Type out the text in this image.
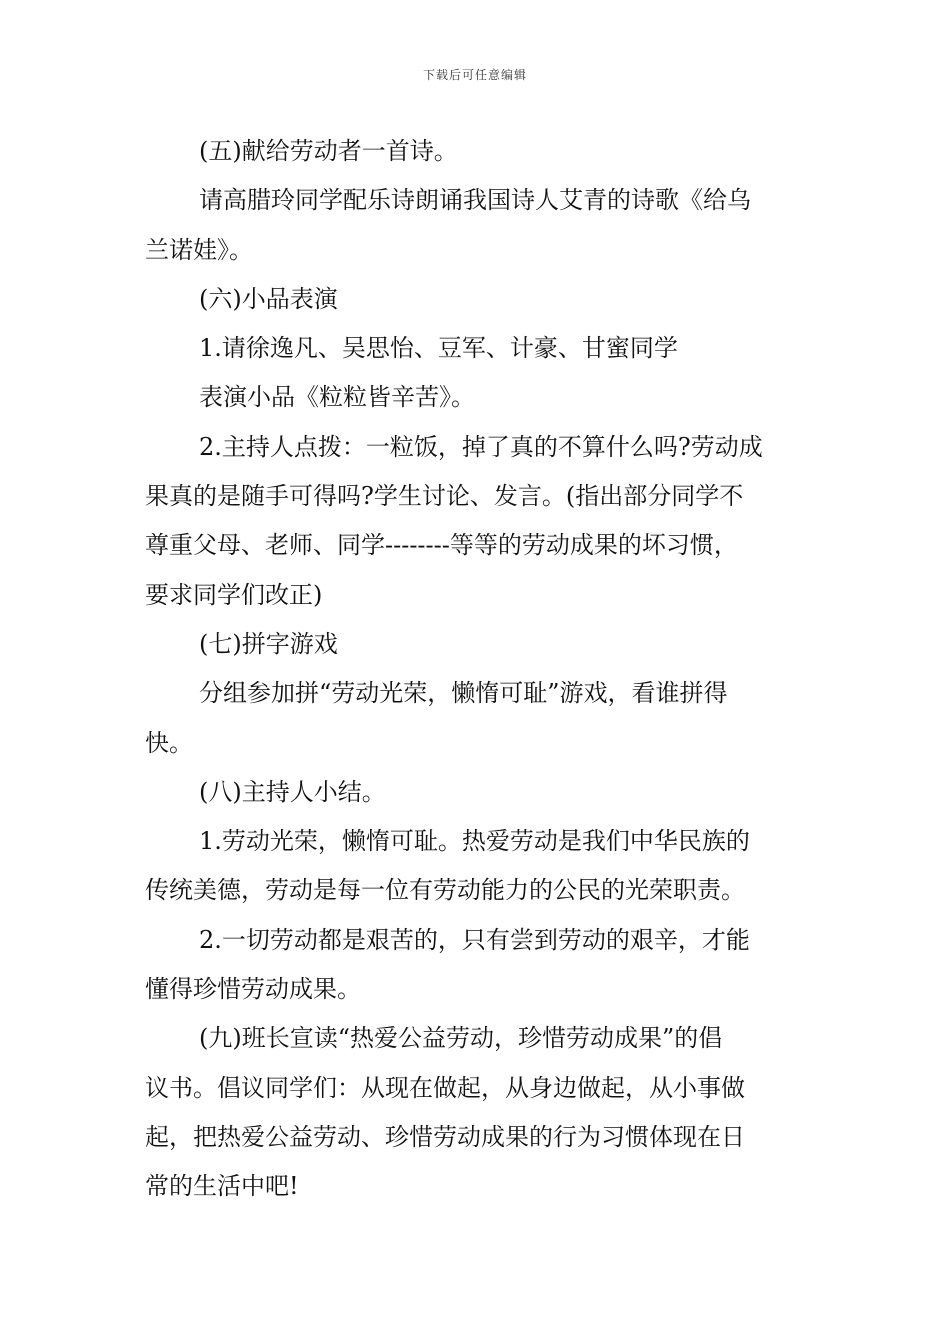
下载后可任意编辑
(五)献给劳动者一首诗。
请高腊玲同学配乐诗朗诵我国诗人艾青的诗歌《给乌
兰诺娃》。
(六)小品表演
1.请徐逸凡、吴思怡、豆军、计豪、甘蜜同学
表演小品《粒粒皆辛苦》。
2.主持人点拨：一粒饭，掉了真的不算什么吗?劳动成
果真的是随手可得吗?学生讨论、发言。(指出部分同学不
尊重父母、老师、同学--------等等的劳动成果的坏习惯，
要求同学们改正)
(七)拼字游戏
分组参加拼“劳动光荣，懒惰可耻”游戏，看谁拼得
快。
(八)主持人小结。
1.劳动光荣，懒惰可耻。热爱劳动是我们中华民族的
传统美德，劳动是每一位有劳动能力的公民的光荣职责。
2.一切劳动都是艰苦的，只有尝到劳动的艰辛，才能
懂得珍惜劳动成果。
(九)班长宣读“热爱公益劳动，珍惜劳动成果”的倡
议书。倡议同学们：从现在做起，从身边做起，从小事做
起，把热爱公益劳动、珍惜劳动成果的行为习惯体现在日
常的生活中吧!
